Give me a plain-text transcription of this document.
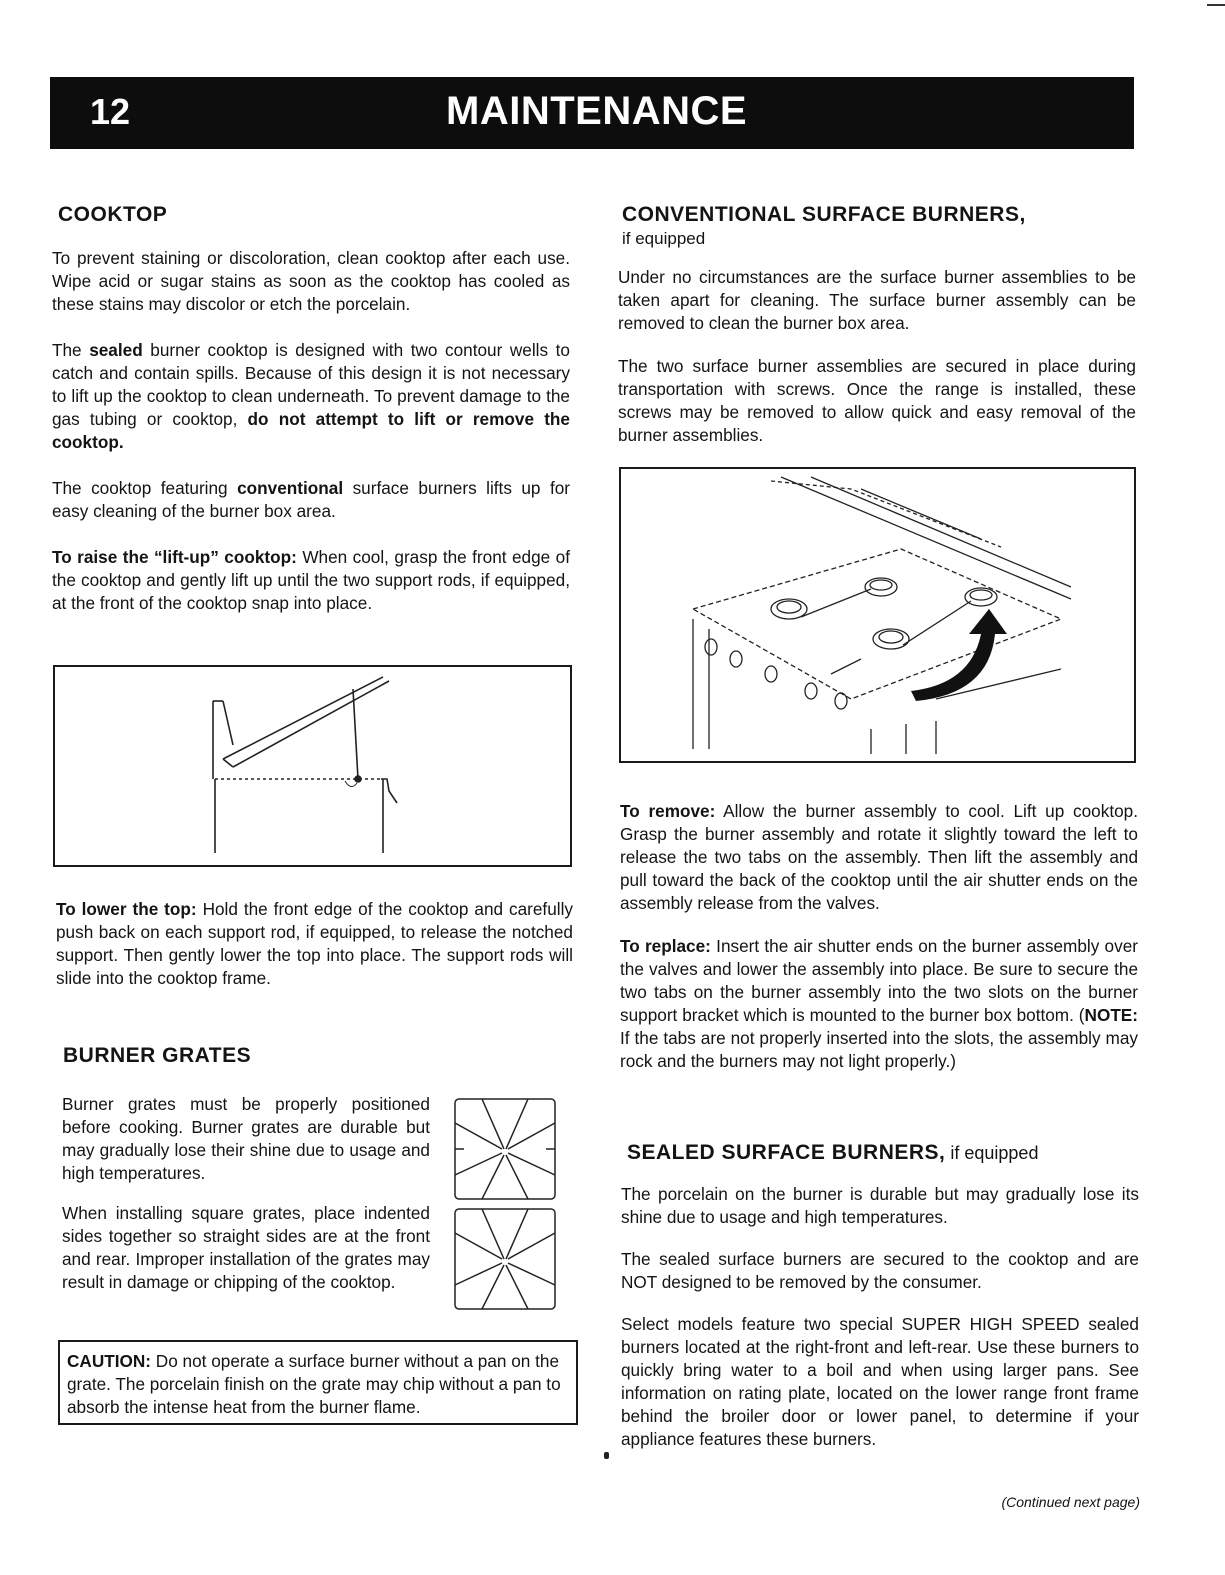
12	MAINTENANCE
COOKTOP

To prevent staining or discoloration, clean cooktop after each use. Wipe acid or sugar stains as soon as the cooktop has cooled as these stains may discolor or etch the porcelain.

The sealed burner cooktop is designed with two contour wells to catch and contain spills. Because of this design it is not necessary to lift up the cooktop to clean underneath. To prevent damage to the gas tubing or cooktop, do not attempt to lift or remove the cooktop.

The cooktop featuring conventional surface burners lifts up for easy cleaning of the burner box area.

To raise the “lift-up” cooktop: When cool, grasp the front edge of the cooktop and gently lift up until the two support rods, if equipped, at the front of the cooktop snap into place.

To lower the top: Hold the front edge of the cooktop and carefully push back on each support rod, if equipped, to release the notched support. Then gently lower the top into place. The support rods will slide into the cooktop frame.

BURNER GRATES

Burner grates must be properly positioned before cooking. Burner grates are durable but may gradually lose their shine due to usage and high temperatures.

When installing square grates, place indented sides together so straight sides are at the front and rear. Improper installation of the grates may result in damage or chipping of the cooktop.

CAUTION: Do not operate a surface burner without a pan on the grate. The porcelain finish on the grate may chip without a pan to absorb the intense heat from the burner flame.

CONVENTIONAL SURFACE BURNERS,
if equipped

Under no circumstances are the surface burner assemblies to be taken apart for cleaning. The surface burner assembly can be removed to clean the burner box area.

The two surface burner assemblies are secured in place during transportation with screws. Once the range is installed, these screws may be removed to allow quick and easy removal of the burner assemblies.

To remove: Allow the burner assembly to cool. Lift up cooktop. Grasp the burner assembly and rotate it slightly toward the left to release the two tabs on the assembly. Then lift the assembly and pull toward the back of the cooktop until the air shutter ends on the assembly release from the valves.

To replace: Insert the air shutter ends on the burner assembly over the valves and lower the assembly into place. Be sure to secure the two tabs on the burner assembly into the two slots on the burner support bracket which is mounted to the burner box bottom. (NOTE: If the tabs are not properly inserted into the slots, the assembly may rock and the burners may not light properly.)

SEALED SURFACE BURNERS, if equipped

The porcelain on the burner is durable but may gradually lose its shine due to usage and high temperatures.

The sealed surface burners are secured to the cooktop and are NOT designed to be removed by the consumer.

Select models feature two special SUPER HIGH SPEED sealed burners located at the right-front and left-rear. Use these burners to quickly bring water to a boil and when using larger pans. See information on rating plate, located on the lower range front frame behind the broiler door or lower panel, to determine if your appliance features these burners.

(Continued next page)
